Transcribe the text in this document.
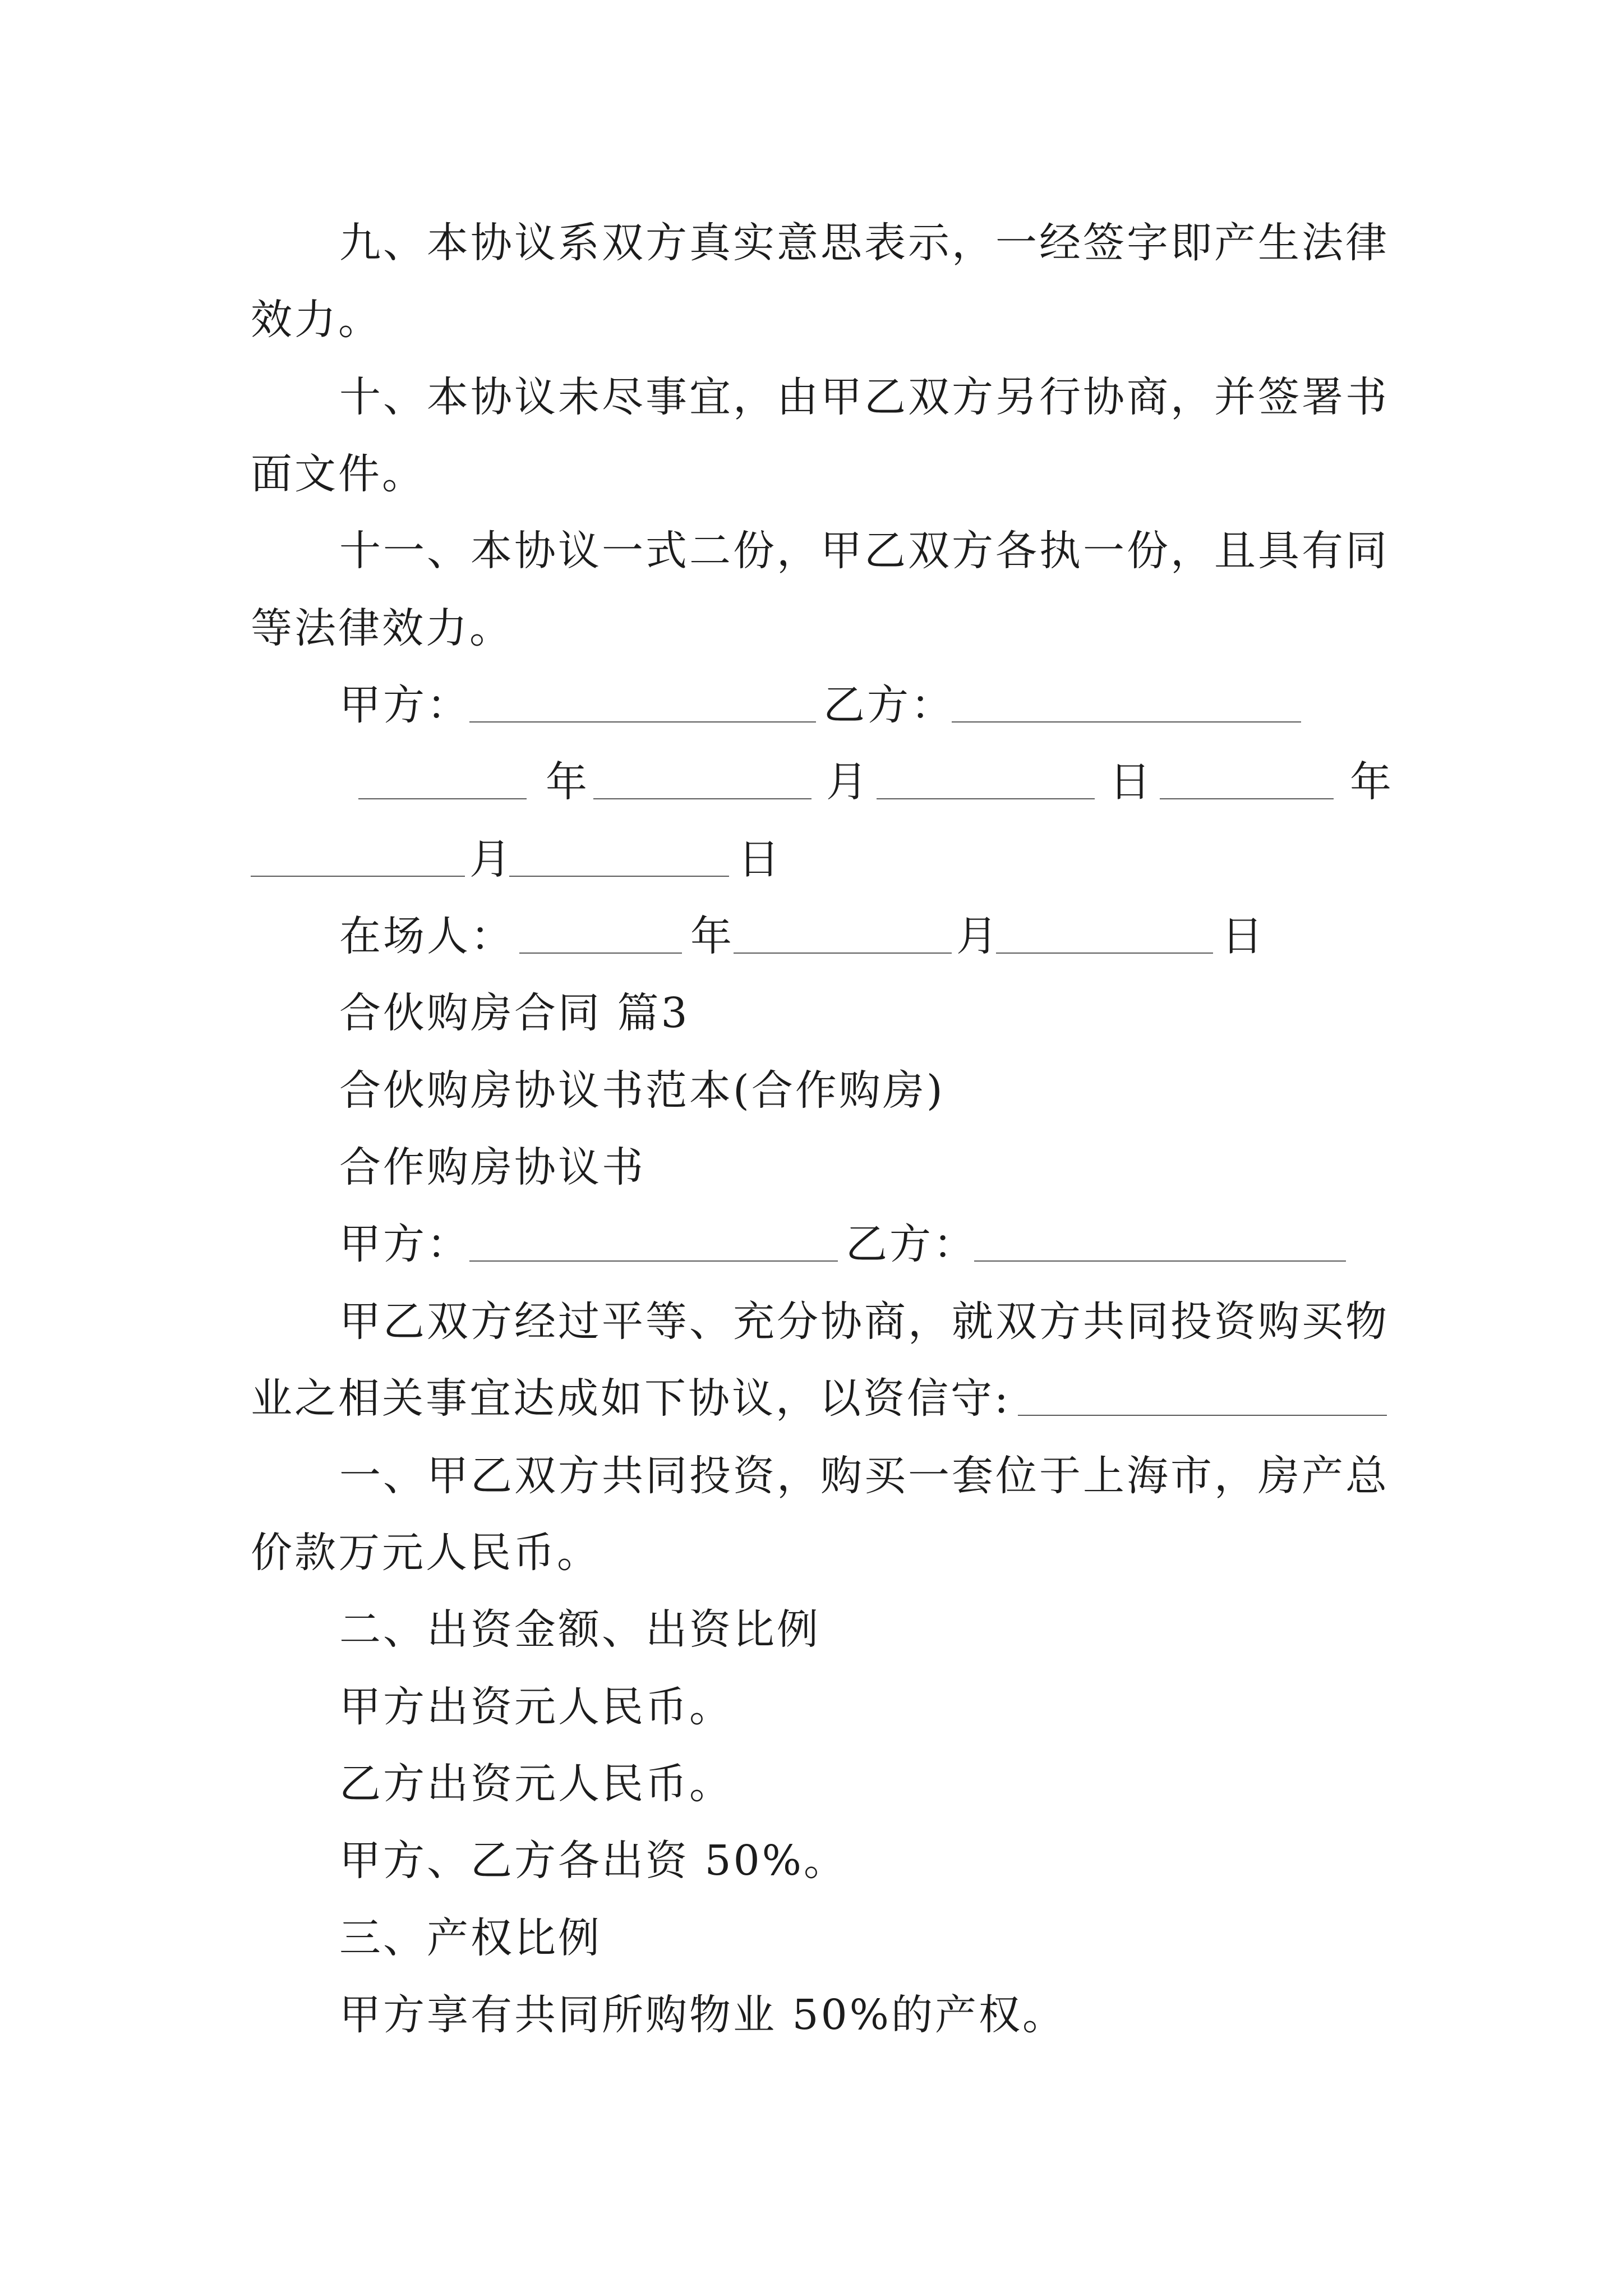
九、本协议系双方真实意思表示，一经签字即产生法律
效力。
十、本协议未尽事宜，由甲乙双方另行协商，并签署书
面文件。
十一、本协议一式二份，甲乙双方各执一份，且具有同
等法律效力。
甲方：	乙方：
年	月	日	年
月	日
在场人：	年	月	日
合伙购房合同 篇3
合伙购房协议书范本(合作购房)
合作购房协议书
甲方：	乙方：
甲乙双方经过平等、充分协商，就双方共同投资购买物
业之相关事宜达成如下协议，以资信守:
一、甲乙双方共同投资，购买一套位于上海市，房产总
价款万元人民币。
二、出资金额、出资比例
甲方出资元人民币。
乙方出资元人民币。
甲方、乙方各出资 50%。
三、产权比例
甲方享有共同所购物业 50%的产权。
